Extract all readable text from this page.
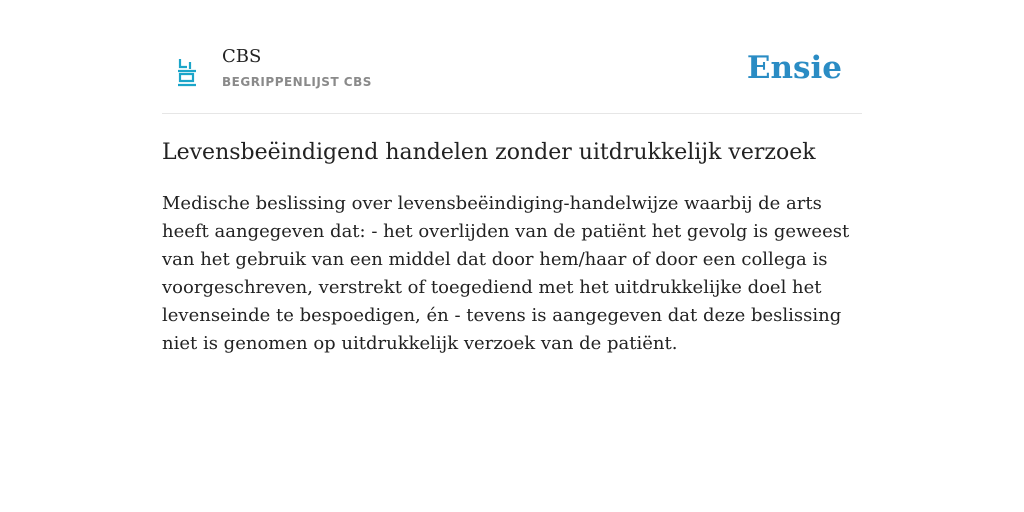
CBS
BEGRIPPENLIJST CBS	Ensie
Levensbeëindigend handelen zonder uitdrukkelijk verzoek

Medische beslissing over levensbeëindiging-handelwijze waarbij de arts heeft aangegeven dat: - het overlijden van de patiënt het gevolg is geweest van het gebruik van een middel dat door hem/haar of door een collega is voorgeschreven, verstrekt of toegediend met het uitdrukkelijke doel het levenseinde te bespoedigen, én - tevens is aangegeven dat deze beslissing niet is genomen op uitdrukkelijk verzoek van de patiënt.
